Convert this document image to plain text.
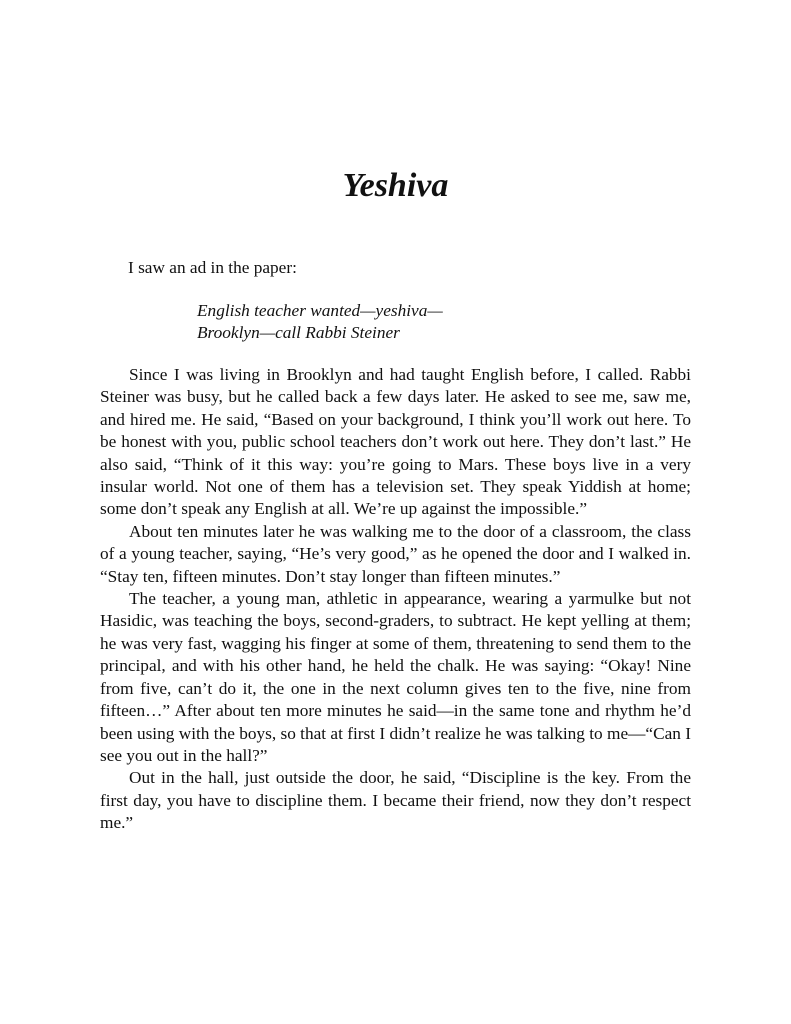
Yeshiva

I saw an ad in the paper:

English teacher wanted—yeshiva—
Brooklyn—call Rabbi Steiner

Since I was living in Brooklyn and had taught English before, I called. Rabbi Steiner was busy, but he called back a few days later. He asked to see me, saw me, and hired me. He said, “Based on your background, I think you’ll work out here. To be honest with you, public school teachers don’t work out here. They don’t last.” He also said, “Think of it this way: you’re going to Mars. These boys live in a very insular world. Not one of them has a television set. They speak Yiddish at home; some don’t speak any English at all. We’re up against the impossible.”

About ten minutes later he was walking me to the door of a classroom, the class of a young teacher, saying, “He’s very good,” as he opened the door and I walked in. “Stay ten, fifteen minutes. Don’t stay longer than fifteen minutes.”

The teacher, a young man, athletic in appearance, wearing a yarmulke but not Hasidic, was teaching the boys, second-graders, to subtract. He kept yelling at them; he was very fast, wagging his finger at some of them, threatening to send them to the principal, and with his other hand, he held the chalk. He was saying: “Okay! Nine from five, can’t do it, the one in the next column gives ten to the five, nine from fifteen…” After about ten more minutes he said—in the same tone and rhythm he’d been using with the boys, so that at first I didn’t realize he was talking to me—“Can I see you out in the hall?”

Out in the hall, just outside the door, he said, “Discipline is the key. From the first day, you have to discipline them. I became their friend, now they don’t respect me.”
